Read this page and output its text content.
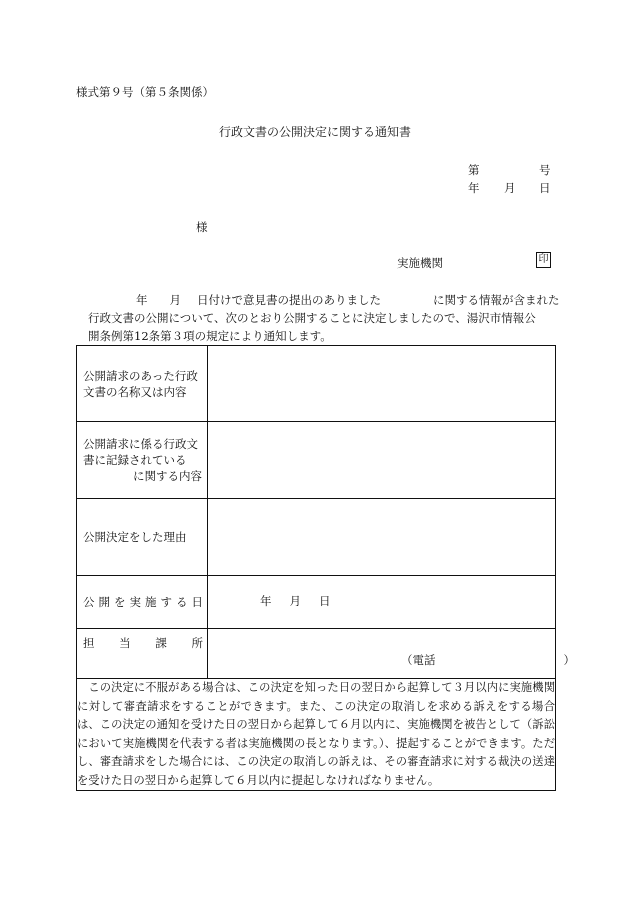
様式第９号（第５条関係）
行政文書の公開決定に関する通知書
第	号
年 月 日
様
実施機関	印
年 月 日付けで意見書の提出のありました	に関する情報が含まれた
行政文書の公開について、次のとおり公開することに決定しましたので、湯沢市情報公
開条例第12条第３項の規定により通知します。
公開請求のあった行政文書の名称又は内容	
公開請求に係る行政文書に記録されているに関する内容	
公開決定をした理由	
公開を実施する日	年 月 日

担当課所	（電話 ）

　この決定に不服がある場合は、この決定を知った日の翌日から起算して３月以内に実施機関に対して審査請求をすることができます。また、この決定の取消しを求める訴えをする場合は、この決定の通知を受けた日の翌日から起算して６月以内に、実施機関を被告として（訴訟において実施機関を代表する者は実施機関の長となります。）、提起することができます。ただし、審査請求をした場合には、この決定の取消しの訴えは、その審査請求に対する裁決の送達を受けた日の翌日から起算して６月以内に提起しなければなりません。	
